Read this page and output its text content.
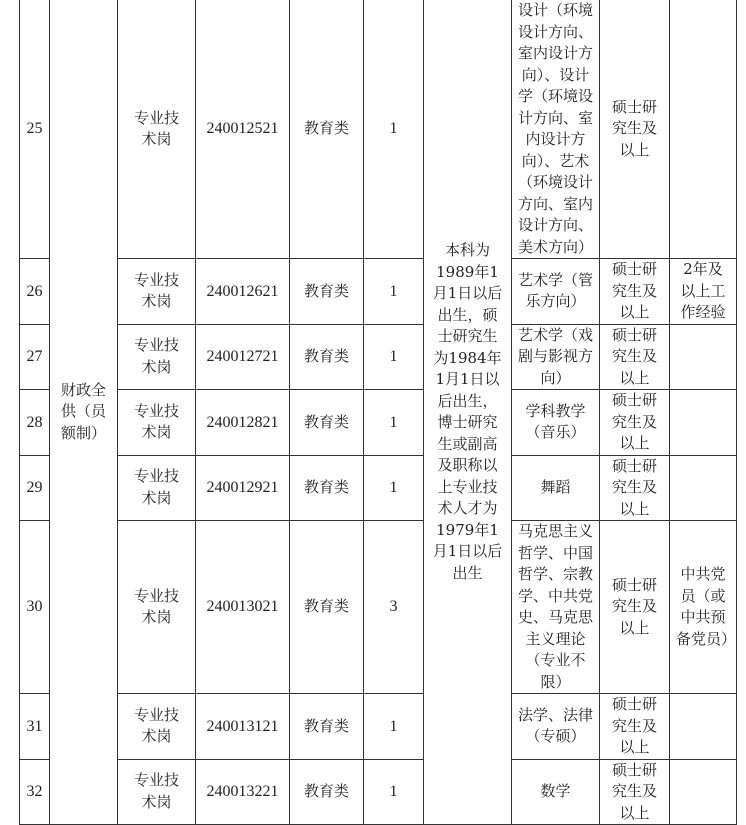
25	财政全供（员额制）	专业技术岗	240012521	教育类	1	本科为1989年1月1日以后出生，硕士研究生为1984年1月1日以后出生，博士研究生或副高及职称以上专业技术人才为1979年1月1日以后出生	设计（环境设计方向、室内设计方向）、设计学（环境设计方向、室内设计方向）、艺术（环境设计方向、室内设计方向、美术方向）	硕士研究生及以上	

26		专业技术岗	240012621	教育类	1		艺术学（管乐方向）	硕士研究生及以上	2年及以上工作经验

27		专业技术岗	240012721	教育类	1		艺术学（戏剧与影视方向）	硕士研究生及以上	

28		专业技术岗	240012821	教育类	1		学科教学（音乐）	硕士研究生及以上	

29		专业技术岗	240012921	教育类	1		舞蹈	硕士研究生及以上	

30		专业技术岗	240013021	教育类	3		马克思主义哲学、中国哲学、宗教学、中共党史、马克思主义理论（专业不限）	硕士研究生及以上	中共党员（或中共预备党员）

31		专业技术岗	240013121	教育类	1		法学、法律（专硕）	硕士研究生及以上	

32		专业技术岗	240013221	教育类	1		数学	硕士研究生及以上	
